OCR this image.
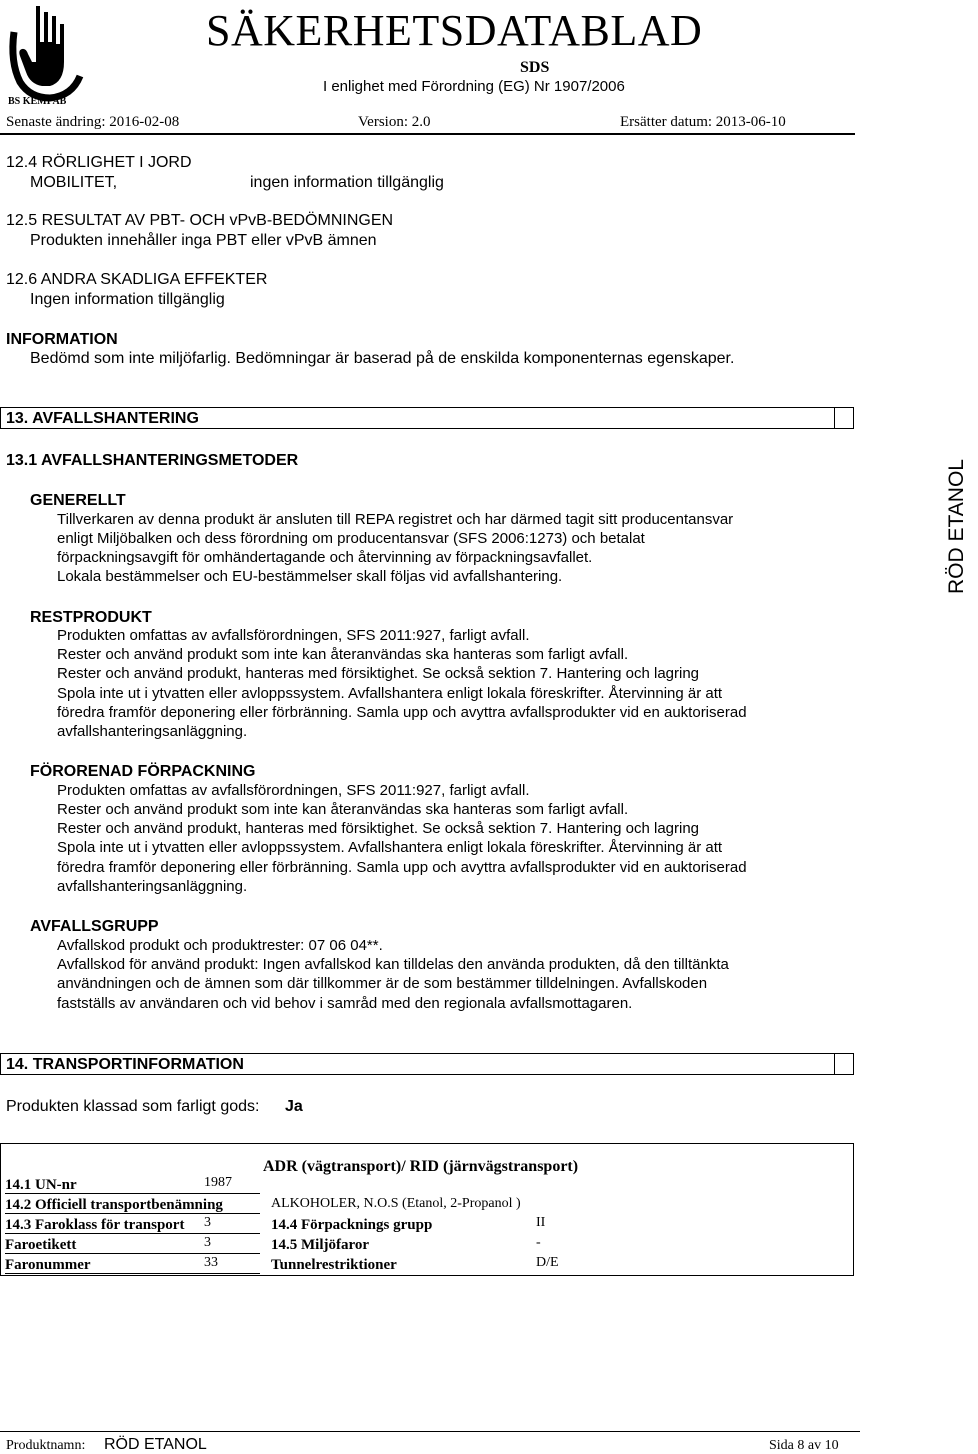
BS KEMI AB
SÄKERHETSDATABLAD
SDS
I enlighet med Förordning (EG) Nr 1907/2006
Senaste ändring: 2016-02-08	Version: 2.0	Ersätter datum: 2013-06-10
RÖD ETANOL
12.4 RÖRLIGHET I JORD
MOBILITET,	ingen information tillgänglig
12.5 RESULTAT AV PBT- OCH vPvB-BEDÖMNINGEN
Produkten innehåller inga PBT eller vPvB ämnen
12.6 ANDRA SKADLIGA EFFEKTER
Ingen information tillgänglig
INFORMATION
Bedömd som inte miljöfarlig. Bedömningar är baserad på de enskilda komponenternas egenskaper.
13. AVFALLSHANTERING
13.1 AVFALLSHANTERINGSMETODER
GENERELLT
Tillverkaren av denna produkt är ansluten till REPA registret och har därmed tagit sitt producentansvar
enligt Miljöbalken och dess förordning om producentansvar (SFS 2006:1273) och betalat
förpackningsavgift för omhändertagande och återvinning av förpackningsavfallet.
Lokala bestämmelser och EU-bestämmelser skall följas vid avfallshantering.
RESTPRODUKT
Produkten omfattas av avfallsförordningen, SFS 2011:927, farligt avfall.
Rester och använd produkt som inte kan återanvändas ska hanteras som farligt avfall.
Rester och använd produkt, hanteras med försiktighet. Se också sektion 7. Hantering och lagring
Spola inte ut i ytvatten eller avloppssystem. Avfallshantera enligt lokala föreskrifter. Återvinning är att
föredra framför deponering eller förbränning. Samla upp och avyttra avfallsprodukter vid en auktoriserad
avfallshanteringsanläggning.
FÖRORENAD FÖRPACKNING
Produkten omfattas av avfallsförordningen, SFS 2011:927, farligt avfall.
Rester och använd produkt som inte kan återanvändas ska hanteras som farligt avfall.
Rester och använd produkt, hanteras med försiktighet. Se också sektion 7. Hantering och lagring
Spola inte ut i ytvatten eller avloppssystem. Avfallshantera enligt lokala föreskrifter. Återvinning är att
föredra framför deponering eller förbränning. Samla upp och avyttra avfallsprodukter vid en auktoriserad
avfallshanteringsanläggning.
AVFALLSGRUPP
Avfallskod produkt och produktrester: 07 06 04**.
Avfallskod för använd produkt: Ingen avfallskod kan tilldelas den använda produkten, då den tilltänkta
användningen och de ämnen som där tillkommer är de som bestämmer tilldelningen. Avfallskoden
fastställs av användaren och vid behov i samråd med den regionala avfallsmottagaren.
14. TRANSPORTINFORMATION
Produkten klassad som farligt gods: Ja
ADR (vägtransport)/ RID (järnvägstransport)
14.1 UN-nr	1987
14.2 Officiell transportbenämning	ALKOHOLER, N.O.S (Etanol, 2-Propanol )
14.3 Faroklass för transport 3	14.4 Förpacknings grupp	II
Faroetikett	3	14.5 Miljöfaror	-
Faronummer	33	Tunnelrestriktioner	D/E
Produktnamn: RÖD ETANOL	Sida 8 av 10
